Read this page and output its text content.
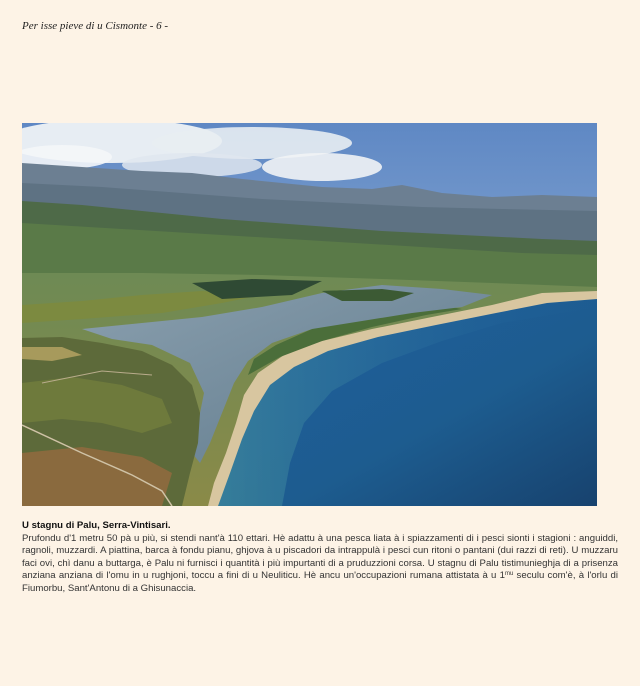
Per isse pieve di u Cismonte - 6 -
U stagnu di Palu, Serra-Vintisari.
Prufondu d'1 metru 50 pà u più, si stendi nant'à 110 ettari. Hè adattu à una pesca liata à i spiazzamenti di i pesci sionti i stagioni : anguiddi, ragnoli, muzzardi. A piattina, barca à fondu pianu, ghjova à u piscadori da intrappulà i pesci cun ritoni o pantani (dui razzi di reti). U muzzaru faci ovi, chì danu a buttarga, è Palu ni furnisci i quantità i più impurtanti di a pruduzzioni corsa. U stagnu di Palu tistimunieghja di a prisenza anziana anziana di l'omu in u rughjoni, toccu a fini di u Neuliticu. Hè ancu un'occupazioni rumana attistata à u $1^{mu}$ seculu com'è, à l'orlu di Fiumorbu, Sant'Antonu di a Ghisunaccia.
